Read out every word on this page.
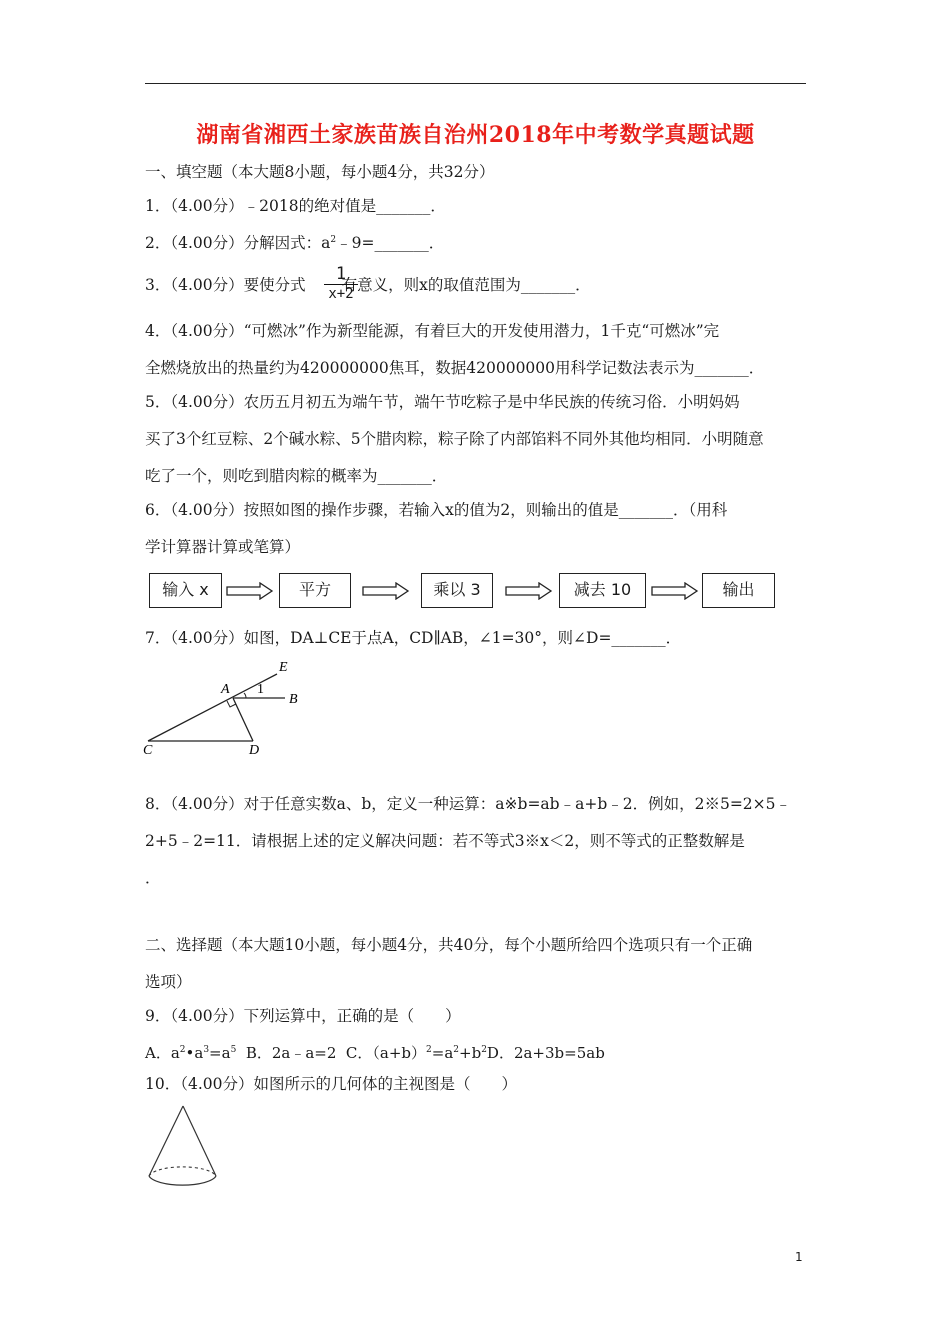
湖南省湘西土家族苗族自治州2018年中考数学真题试题
一、填空题（本大题8小题，每小题4分，共32分）
1．（4.00分）﹣2018的绝对值是_______．
2．（4.00分）分解因式：$a^2﹣9=\_\_\_\_\_\_\_$．
3．（4.00分）要使分式 有意义，则x的取值范围为_______．
1
x+2
4．（4.00分）“可燃冰”作为新型能源，有着巨大的开发使用潜力，1千克“可燃冰”完
全燃烧放出的热量约为420000000焦耳，数据420000000用科学记数法表示为_______．
5．（4.00分）农历五月初五为端午节，端午节吃粽子是中华民族的传统习俗．小明妈妈
买了3个红豆粽、2个碱水粽、5个腊肉粽，粽子除了内部馅料不同外其他均相同．小明随意
吃了一个，则吃到腊肉粽的概率为_______．
6．（4.00分）按照如图的操作步骤，若输入x的值为2，则输出的值是_______．（用科
学计算器计算或笔算）
输入 x	平方	乘以 3	减去 10	输出
7．（4.00分）如图，DA⊥CE于点A，CD∥AB，∠1=30°，则∠D=_______．
E
A 1
B
C	D
8．（4.00分）对于任意实数a、b，定义一种运算：a※b=ab﹣a+b﹣2．例如，2※5=2×5﹣
2+5﹣2=11．请根据上述的定义解决问题：若不等式3※x＜2，则不等式的正整数解是
．
二、选择题（本大题10小题，每小题4分，共40分，每个小题所给四个选项只有一个正确
选项）
9．（4.00分）下列运算中，正确的是（　　）
A．$a^2•a^3=a^5$  B．2a﹣a=2  C．$(a+b)^2=a^2+b^2D$．2a+3b=5ab
10．（4.00分）如图所示的几何体的主视图是（　　）
1
